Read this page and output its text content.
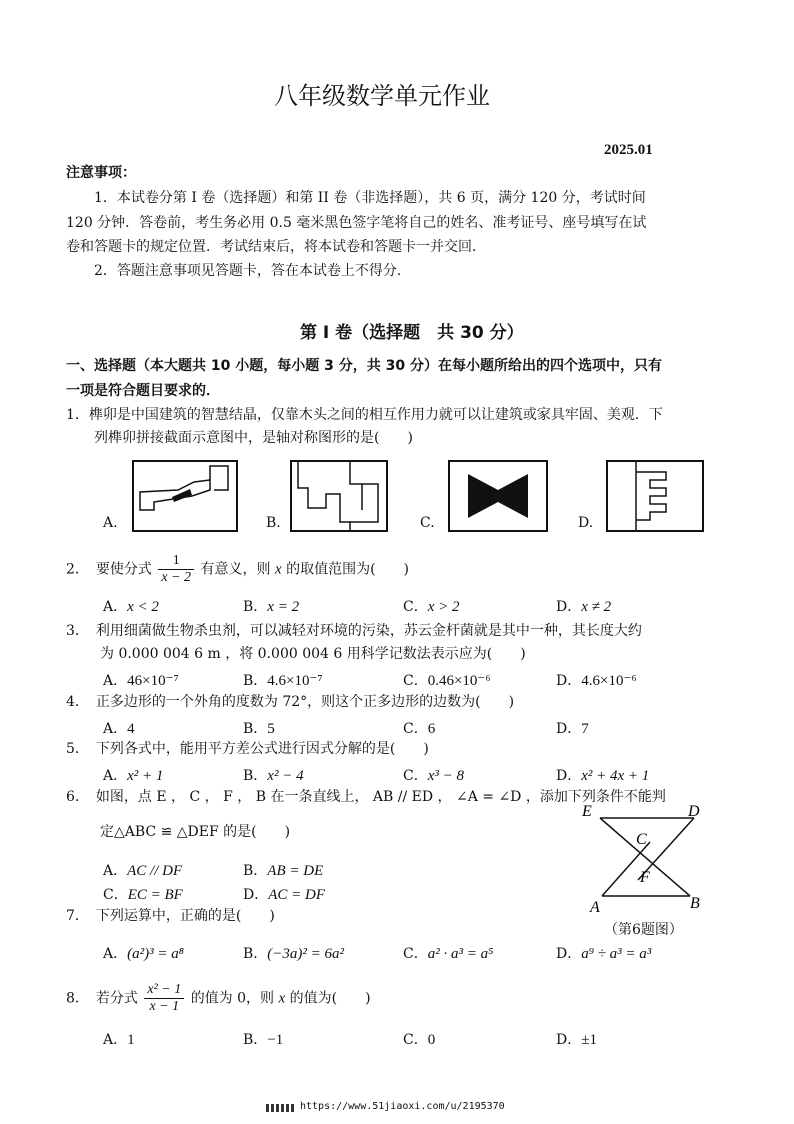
八年级数学单元作业
2025.01
注意事项：
1．本试卷分第 I 卷（选择题）和第 II 卷（非选择题），共 6 页，满分 120 分，考试时间
120 分钟．答卷前，考生务必用 0.5 毫米黑色签字笔将自己的姓名、准考证号、座号填写在试
卷和答题卡的规定位置．考试结束后，将本试卷和答题卡一并交回．
2．答题注意事项见答题卡，答在本试卷上不得分．
第 I 卷（选择题　共 30 分）
一、选择题（本大题共 10 小题，每小题 3 分，共 30 分）在每小题所给出的四个选项中，只有
一项是符合题目要求的．
1．榫卯是中国建筑的智慧结晶，仅靠木头之间的相互作用力就可以让建筑或家具牢固、美观．下
列榫卯拼接截面示意图中，是轴对称图形的是(　　)
A.	B.	C.	D.
2．　要使分式 $\frac{1}{x - 2}$ 有意义，则 x 的取值范围为(　　)
A．x < 2	B．x = 2	C．x > 2	D．x ≠ 2
3．　利用细菌做生物杀虫剂，可以减轻对环境的污染，苏云金杆菌就是其中一种，其长度大约
为 0.000 004 6 m ，将 0.000 004 6 用科学记数法表示应为(　　)
A．46×10⁻⁷	B．4.6×10⁻⁷	C．0.46×10⁻⁶	D．4.6×10⁻⁶
4．　正多边形的一个外角的度数为 72°，则这个正多边形的边数为(　　)
A．4	B．5	C．6	D．7
5．　下列各式中，能用平方差公式进行因式分解的是(　　)
A．x² + 1	B．x² − 4	C．x³ − 8	D．x² + 4x + 1
6．　如图，点 E ， C ， F ， B 在一条直线上， AB // ED ， ∠A = ∠D ，添加下列条件不能判
定△ABC ≌ △DEF 的是(　　)
A．AC // DF	B．AB = DE
C．EC = BF	D．AC = DF
E	D
C
F
A	B
（第6题图）
7．　下列运算中，正确的是(　　)
A．(a²)³ = a⁸	B．(−3a)² = 6a²	C．a² · a³ = a⁵	D．a⁹ ÷ a³ = a³
8．　若分式 $\frac{\text{x² − 1}}{x - 1}$ 的值为 0，则 x 的值为(　　)
A．1	B．−1	C．0	D．±1
https://www.51jiaoxi.com/u/2195370
